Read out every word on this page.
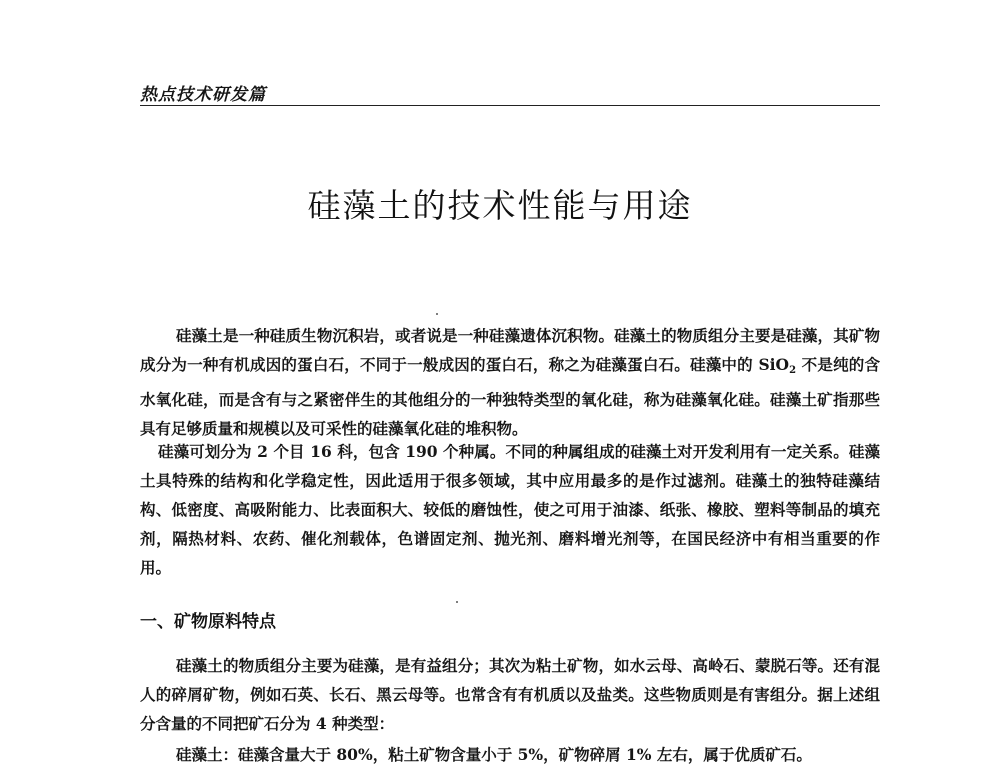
热点技术研发篇
硅藻土的技术性能与用途
硅藻土是一种硅质生物沉积岩，或者说是一种硅藻遗体沉积物。硅藻土的物质组分主要是硅藻，其矿物成分为一种有机成因的蛋白石，不同于一般成因的蛋白石，称之为硅藻蛋白石。硅藻中的 SiO$_2$ 不是纯的含水氧化硅，而是含有与之紧密伴生的其他组分的一种独特类型的氧化硅，称为硅藻氧化硅。硅藻土矿指那些具有足够质量和规模以及可采性的硅藻氧化硅的堆积物。
硅藻可划分为 2 个目 16 科，包含 190 个种属。不同的种属组成的硅藻土对开发利用有一定关系。硅藻土具特殊的结构和化学稳定性，因此适用于很多领域，其中应用最多的是作过滤剂。硅藻土的独特硅藻结构、低密度、高吸附能力、比表面积大、较低的磨蚀性，使之可用于油漆、纸张、橡胶、塑料等制品的填充剂，隔热材料、农药、催化剂载体，色谱固定剂、抛光剂、磨料增光剂等，在国民经济中有相当重要的作用。
一、矿物原料特点
硅藻土的物质组分主要为硅藻，是有益组分；其次为粘土矿物，如水云母、高岭石、蒙脱石等。还有混人的碎屑矿物，例如石英、长石、黑云母等。也常含有有机质以及盐类。这些物质则是有害组分。据上述组分含量的不同把矿石分为 4 种类型：
硅藻土：硅藻含量大于 80%，粘土矿物含量小于 5%，矿物碎屑 1% 左右，属于优质矿石。
